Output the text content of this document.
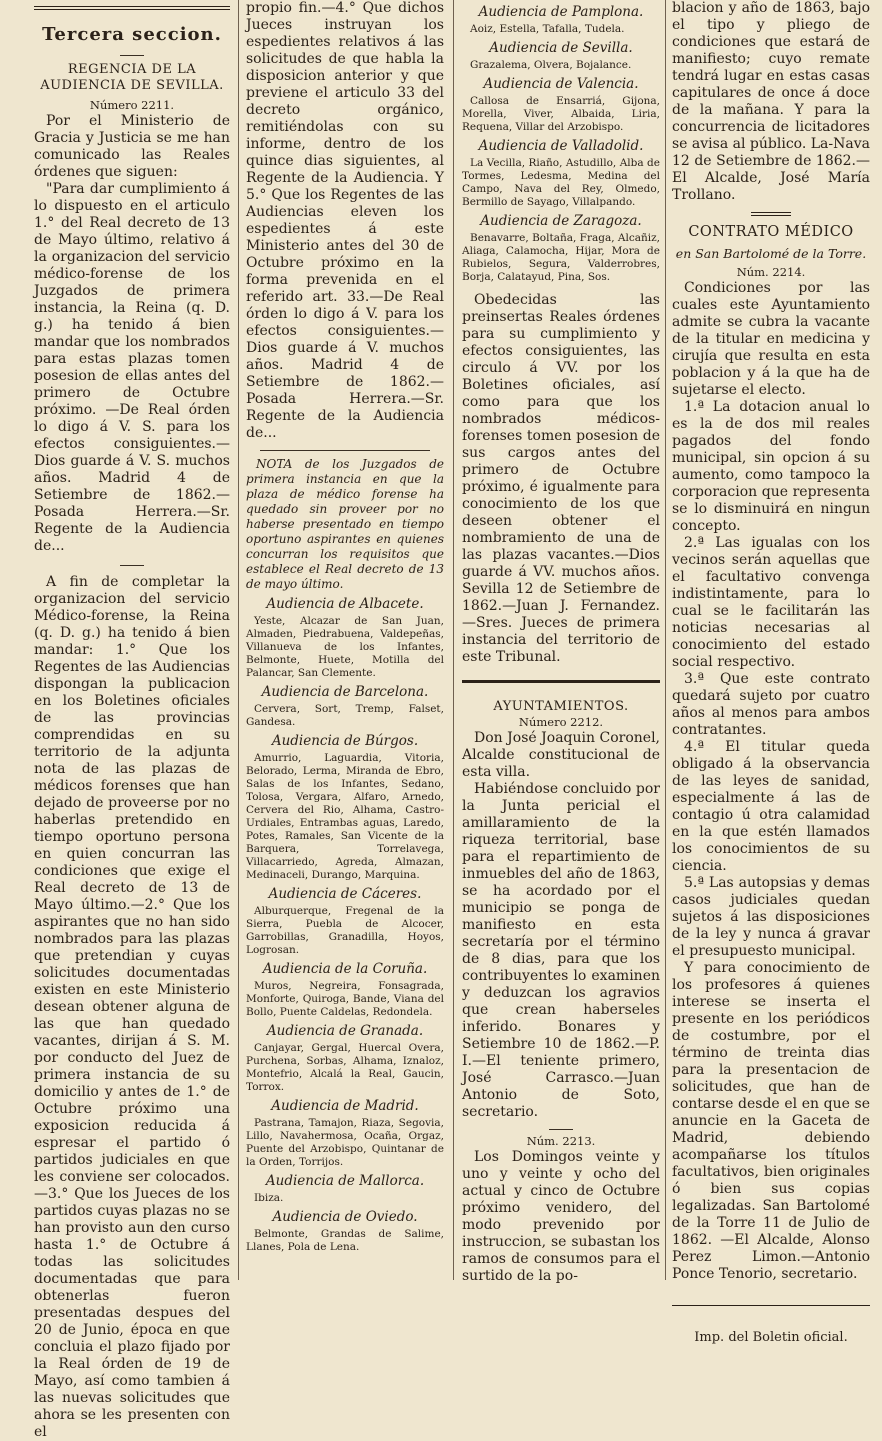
Tercera seccion.
REGENCIA DE LA AUDIENCIA DE SEVILLA.
Número 2211.

Por el Ministerio de Gracia y Justicia se me han comunicado las Reales órdenes que siguen:

"Para dar cumplimiento á lo dispuesto en el articulo 1.° del Real decreto de 13 de Mayo último, relativo á la organizacion del servicio médico-forense de los Juzgados de primera instancia, la Reina (q. D. g.) ha tenido á bien mandar que los nombrados para estas plazas tomen posesion de ellas antes del primero de Octubre próximo. —De Real órden lo digo á V. S. para los efectos consiguientes.—Dios guarde á V. S. muchos años. Madrid 4 de Setiembre de 1862.— Posada Herrera.—Sr. Regente de la Audiencia de...

A fin de completar la organizacion del servicio Médico-forense, la Reina (q. D. g.) ha tenido á bien mandar: 1.° Que los Regentes de las Audiencias dispongan la publicacion en los Boletines oficiales de las provincias comprendidas en su territorio de la adjunta nota de las plazas de médicos forenses que han dejado de proveerse por no haberlas pretendido en tiempo oportuno persona en quien concurran las condiciones que exige el Real decreto de 13 de Mayo último.—2.° Que los aspirantes que no han sido nombrados para las plazas que pretendian y cuyas solicitudes documentadas existen en este Ministerio desean obtener alguna de las que han quedado vacantes, dirijan á S. M. por conducto del Juez de primera instancia de su domicilio y antes de 1.° de Octubre próximo una exposicion reducida á espresar el partido ó partidos judiciales en que les conviene ser colocados.—3.° Que los Jueces de los partidos cuyas plazas no se han provisto aun den curso hasta 1.° de Octubre á todas las solicitudes documentadas que para obtenerlas fueron presentadas despues del 20 de Junio, época en que concluia el plazo fijado por la Real órden de 19 de Mayo, así como tambien á las nuevas solicitudes que ahora se les presenten con el

propio fin.—4.° Que dichos Jueces instruyan los espedientes relativos á las solicitudes de que habla la disposicion anterior y que previene el articulo 33 del decreto orgánico, remitiéndolas con su informe, dentro de los quince dias siguientes, al Regente de la Audiencia. Y 5.° Que los Regentes de las Audiencias eleven los espedientes á este Ministerio antes del 30 de Octubre próximo en la forma prevenida en el referido art. 33.—De Real órden lo digo á V. para los efectos consiguientes.—Dios guarde á V. muchos años. Madrid 4 de Setiembre de 1862.—Posada Herrera.—Sr. Regente de la Audiencia de...

NOTA de los Juzgados de primera instancia en que la plaza de médico forense ha quedado sin proveer por no haberse presentado en tiempo oportuno aspirantes en quienes concurran los requisitos que establece el Real decreto de 13 de mayo último.

Audiencia de Albacete.

Yeste, Alcazar de San Juan, Almaden, Piedrabuena, Valdepeñas, Villanueva de los Infantes, Belmonte, Huete, Motilla del Palancar, San Clemente.

Audiencia de Barcelona.

Cervera, Sort, Tremp, Falset, Gandesa.

Audiencia de Búrgos.

Amurrio, Laguardia, Vitoria, Belorado, Lerma, Miranda de Ebro, Salas de los Infantes, Sedano, Tolosa, Vergara, Alfaro, Arnedo, Cervera del Rio, Alhama, Castro-Urdiales, Entrambas aguas, Laredo, Potes, Ramales, San Vicente de la Barquera, Torrelavega, Villacarriedo, Agreda, Almazan, Medinaceli, Durango, Marquina.

Audiencia de Cáceres.

Alburquerque, Fregenal de la Sierra, Puebla de Alcocer, Garrobillas, Granadilla, Hoyos, Logrosan.

Audiencia de la Coruña.

Muros, Negreira, Fonsagrada, Monforte, Quiroga, Bande, Viana del Bollo, Puente Caldelas, Redondela.

Audiencia de Granada.

Canjayar, Gergal, Huercal Overa, Purchena, Sorbas, Alhama, Iznaloz, Montefrio, Alcalá la Real, Gaucin, Torrox.

Audiencia de Madrid.

Pastrana, Tamajon, Riaza, Segovia, Lillo, Navahermosa, Ocaña, Orgaz, Puente del Arzobispo, Quintanar de la Orden, Torrijos.

Audiencia de Mallorca.

Ibiza.

Audiencia de Oviedo.

Belmonte, Grandas de Salime, Llanes, Pola de Lena.

Audiencia de Pamplona.

Aoiz, Estella, Tafalla, Tudela.

Audiencia de Sevilla.

Grazalema, Olvera, Bojalance.

Audiencia de Valencia.

Callosa de Ensarriá, Gijona, Morella, Viver, Albaida, Liria, Requena, Villar del Arzobispo.

Audiencia de Valladolid.

La Vecilla, Riaño, Astudillo, Alba de Tormes, Ledesma, Medina del Campo, Nava del Rey, Olmedo, Bermillo de Sayago, Villalpando.

Audiencia de Zaragoza.

Benavarre, Boltaña, Fraga, Alcañiz, Aliaga, Calamocha, Hijar, Mora de Rubielos, Segura, Valderrobres, Borja, Calatayud, Pina, Sos.

Obedecidas las preinsertas Reales órdenes para su cumplimiento y efectos consiguientes, las circulo á VV. por los Boletines oficiales, así como para que los nombrados médicos-forenses tomen posesion de sus cargos antes del primero de Octubre próximo, é igualmente para conocimiento de los que deseen obtener el nombramiento de una de las plazas vacantes.—Dios guarde á VV. muchos años. Sevilla 12 de Setiembre de 1862.—Juan J. Fernandez. —Sres. Jueces de primera instancia del territorio de este Tribunal.

AYUNTAMIENTOS.
Número 2212.

Don José Joaquin Coronel, Alcalde constitucional de esta villa.

Habiéndose concluido por la Junta pericial el amillaramiento de la riqueza territorial, base para el repartimiento de inmuebles del año de 1863, se ha acordado por el municipio se ponga de manifiesto en esta secretaría por el término de 8 dias, para que los contribuyentes lo examinen y deduzcan los agravios que crean haberseles inferido. Bonares y Setiembre 10 de 1862.—P. I.—El teniente primero, José Carrasco.—Juan Antonio de Soto, secretario.

Núm. 2213.

Los Domingos veinte y uno y veinte y ocho del actual y cinco de Octubre próximo venidero, del modo prevenido por instruccion, se subastan los ramos de consumos para el surtido de la po-

blacion y año de 1863, bajo el tipo y pliego de condiciones que estará de manifiesto; cuyo remate tendrá lugar en estas casas capitulares de once á doce de la mañana. Y para la concurrencia de licitadores se avisa al público. La-Nava 12 de Setiembre de 1862.—El Alcalde, José María Trollano.

CONTRATO MÉDICO
en San Bartolomé de la Torre.
Núm. 2214.

Condiciones por las cuales este Ayuntamiento admite se cubra la vacante de la titular en medicina y cirujía que resulta en esta poblacion y á la que ha de sujetarse el electo.

1.ª La dotacion anual lo es la de dos mil reales pagados del fondo municipal, sin opcion á su aumento, como tampoco la corporacion que representa se lo disminuirá en ningun concepto.

2.ª Las igualas con los vecinos serán aquellas que el facultativo convenga indistintamente, para lo cual se le facilitarán las noticias necesarias al conocimiento del estado social respectivo.

3.ª Que este contrato quedará sujeto por cuatro años al menos para ambos contratantes.

4.ª El titular queda obligado á la observancia de las leyes de sanidad, especialmente á las de contagio ú otra calamidad en la que estén llamados los conocimientos de su ciencia.

5.ª Las autopsias y demas casos judiciales quedan sujetos á las disposiciones de la ley y nunca á gravar el presupuesto municipal.

Y para conocimiento de los profesores á quienes interese se inserta el presente en los periódicos de costumbre, por el término de treinta dias para la presentacion de solicitudes, que han de contarse desde el en que se anuncie en la Gaceta de Madrid, debiendo acompañarse los títulos facultativos, bien originales ó bien sus copias legalizadas. San Bartolomé de la Torre 11 de Julio de 1862. —El Alcalde, Alonso Perez Limon.—Antonio Ponce Tenorio, secretario.

Imp. del Boletin oficial.
